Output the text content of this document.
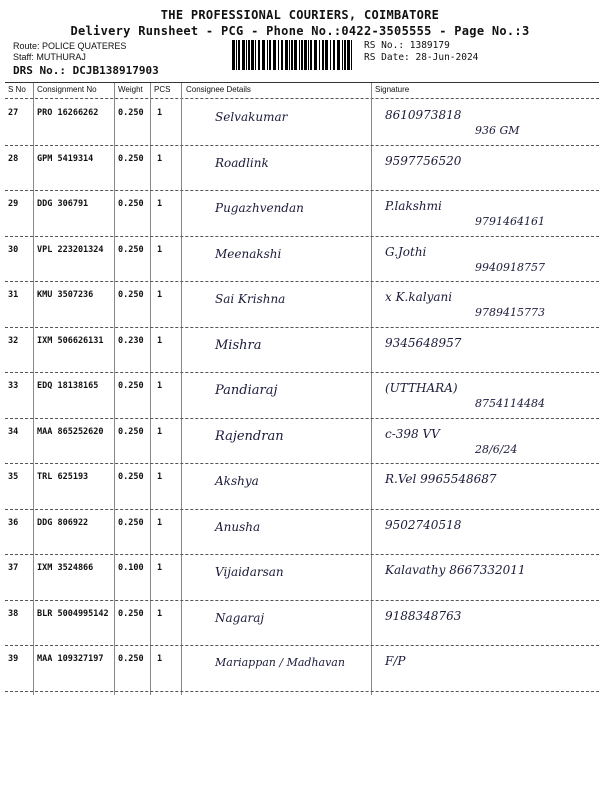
THE PROFESSIONAL COURIERS, COIMBATORE
Delivery Runsheet - PCG - Phone No.:0422-3505555 - Page No.:3
Route: POLICE QUATERES
Staff: MUTHURAJ
DRS No.: DCJB138917903
RS No.: 1389179
RS Date: 28-Jun-2024
S No Consignment No	Weight PCS Consignee Details	Signature
27 PRO 16266262 0.250 1	Selvakumar	8610973818
936 GM
28 GPM 5419314	0.250 1	Roadlink	9597756520
29 DDG 306791	0.250 1	Pugazhvendan	P.lakshmi
9791464161
30 VPL 223201324 0.250 1	Meenakshi	G.Jothi
9940918757
31 KMU 3507236	0.250 1	Sai Krishna	x K.kalyani
9789415773
32 IXM 506626131 0.230 1	Mishra	9345648957
33 EDQ 18138165 0.250 1	Pandiaraj	(UTTHARA)
8754114484
34 MAA 865252620 0.250 1	Rajendran	c-398 VV
28/6/24
35 TRL 625193	0.250 1	Akshya	R.Vel 9965548687
36 DDG 806922	0.250 1	Anusha	9502740518
37 IXM 3524866	0.100 1	Vijaidarsan	Kalavathy 8667332011
38 BLR 5004995142 0.250 1	Nagaraj	9188348763
39 MAA 109327197 0.250 1	Mariappan / Madhavan	F/P
